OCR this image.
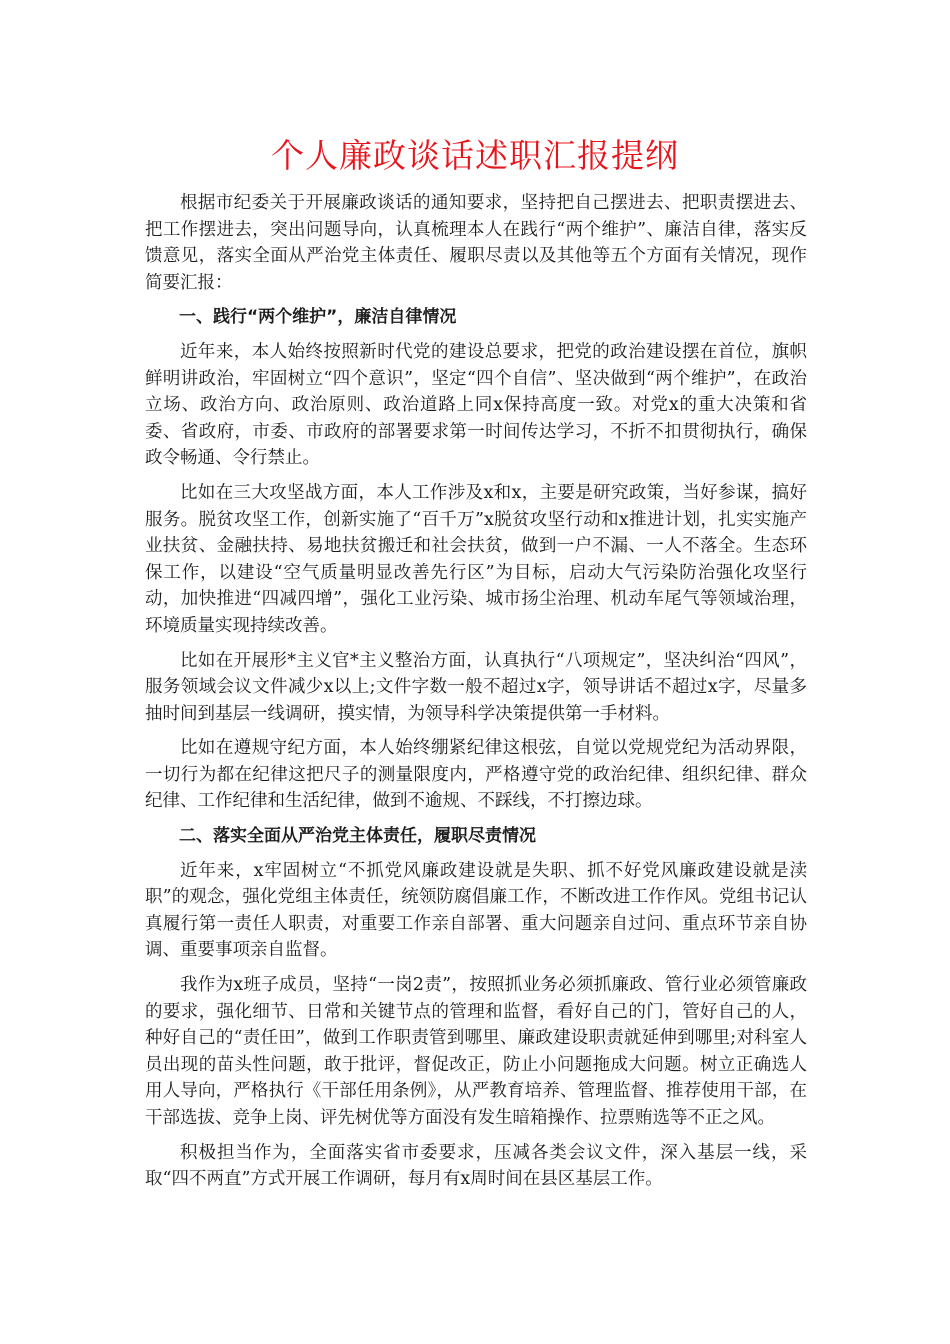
个人廉政谈话述职汇报提纲

根据市纪委关于开展廉政谈话的通知要求，坚持把自己摆进去、把职责摆进去、把工作摆进去，突出问题导向，认真梳理本人在践行“两个维护”、廉洁自律，落实反馈意见，落实全面从严治党主体责任、履职尽责以及其他等五个方面有关情况，现作简要汇报：

一、践行“两个维护”，廉洁自律情况

近年来，本人始终按照新时代党的建设总要求，把党的政治建设摆在首位，旗帜鲜明讲政治，牢固树立“四个意识”，坚定“四个自信”、坚决做到“两个维护”，在政治立场、政治方向、政治原则、政治道路上同x保持高度一致。对党x的重大决策和省委、省政府，市委、市政府的部署要求第一时间传达学习，不折不扣贯彻执行，确保政令畅通、令行禁止。

比如在三大攻坚战方面，本人工作涉及x和x，主要是研究政策，当好参谋，搞好服务。脱贫攻坚工作，创新实施了“百千万”x脱贫攻坚行动和x推进计划，扎实实施产业扶贫、金融扶持、易地扶贫搬迁和社会扶贫，做到一户不漏、一人不落全。生态环保工作，以建设“空气质量明显改善先行区”为目标，启动大气污染防治强化攻坚行动，加快推进“四减四增”，强化工业污染、城市扬尘治理、机动车尾气等领域治理，环境质量实现持续改善。

比如在开展形*主义官*主义整治方面，认真执行“八项规定”，坚决纠治“四风”，服务领域会议文件减少x以上;文件字数一般不超过x字，领导讲话不超过x字，尽量多抽时间到基层一线调研，摸实情，为领导科学决策提供第一手材料。

比如在遵规守纪方面，本人始终绷紧纪律这根弦，自觉以党规党纪为活动界限，一切行为都在纪律这把尺子的测量限度内，严格遵守党的政治纪律、组织纪律、群众纪律、工作纪律和生活纪律，做到不逾规、不踩线，不打擦边球。

二、落实全面从严治党主体责任，履职尽责情况

近年来，x牢固树立“不抓党风廉政建设就是失职、抓不好党风廉政建设就是渎职”的观念，强化党组主体责任，统领防腐倡廉工作，不断改进工作作风。党组书记认真履行第一责任人职责，对重要工作亲自部署、重大问题亲自过问、重点环节亲自协调、重要事项亲自监督。

我作为x班子成员，坚持“一岗2责”，按照抓业务必须抓廉政、管行业必须管廉政的要求，强化细节、日常和关键节点的管理和监督，看好自己的门，管好自己的人，种好自己的“责任田”，做到工作职责管到哪里、廉政建设职责就延伸到哪里;对科室人员出现的苗头性问题，敢于批评，督促改正，防止小问题拖成大问题。树立正确选人用人导向，严格执行《干部任用条例》，从严教育培养、管理监督、推荐使用干部，在干部选拔、竞争上岗、评先树优等方面没有发生暗箱操作、拉票贿选等不正之风。

积极担当作为，全面落实省市委要求，压减各类会议文件，深入基层一线，采取“四不两直”方式开展工作调研，每月有x周时间在县区基层工作。
